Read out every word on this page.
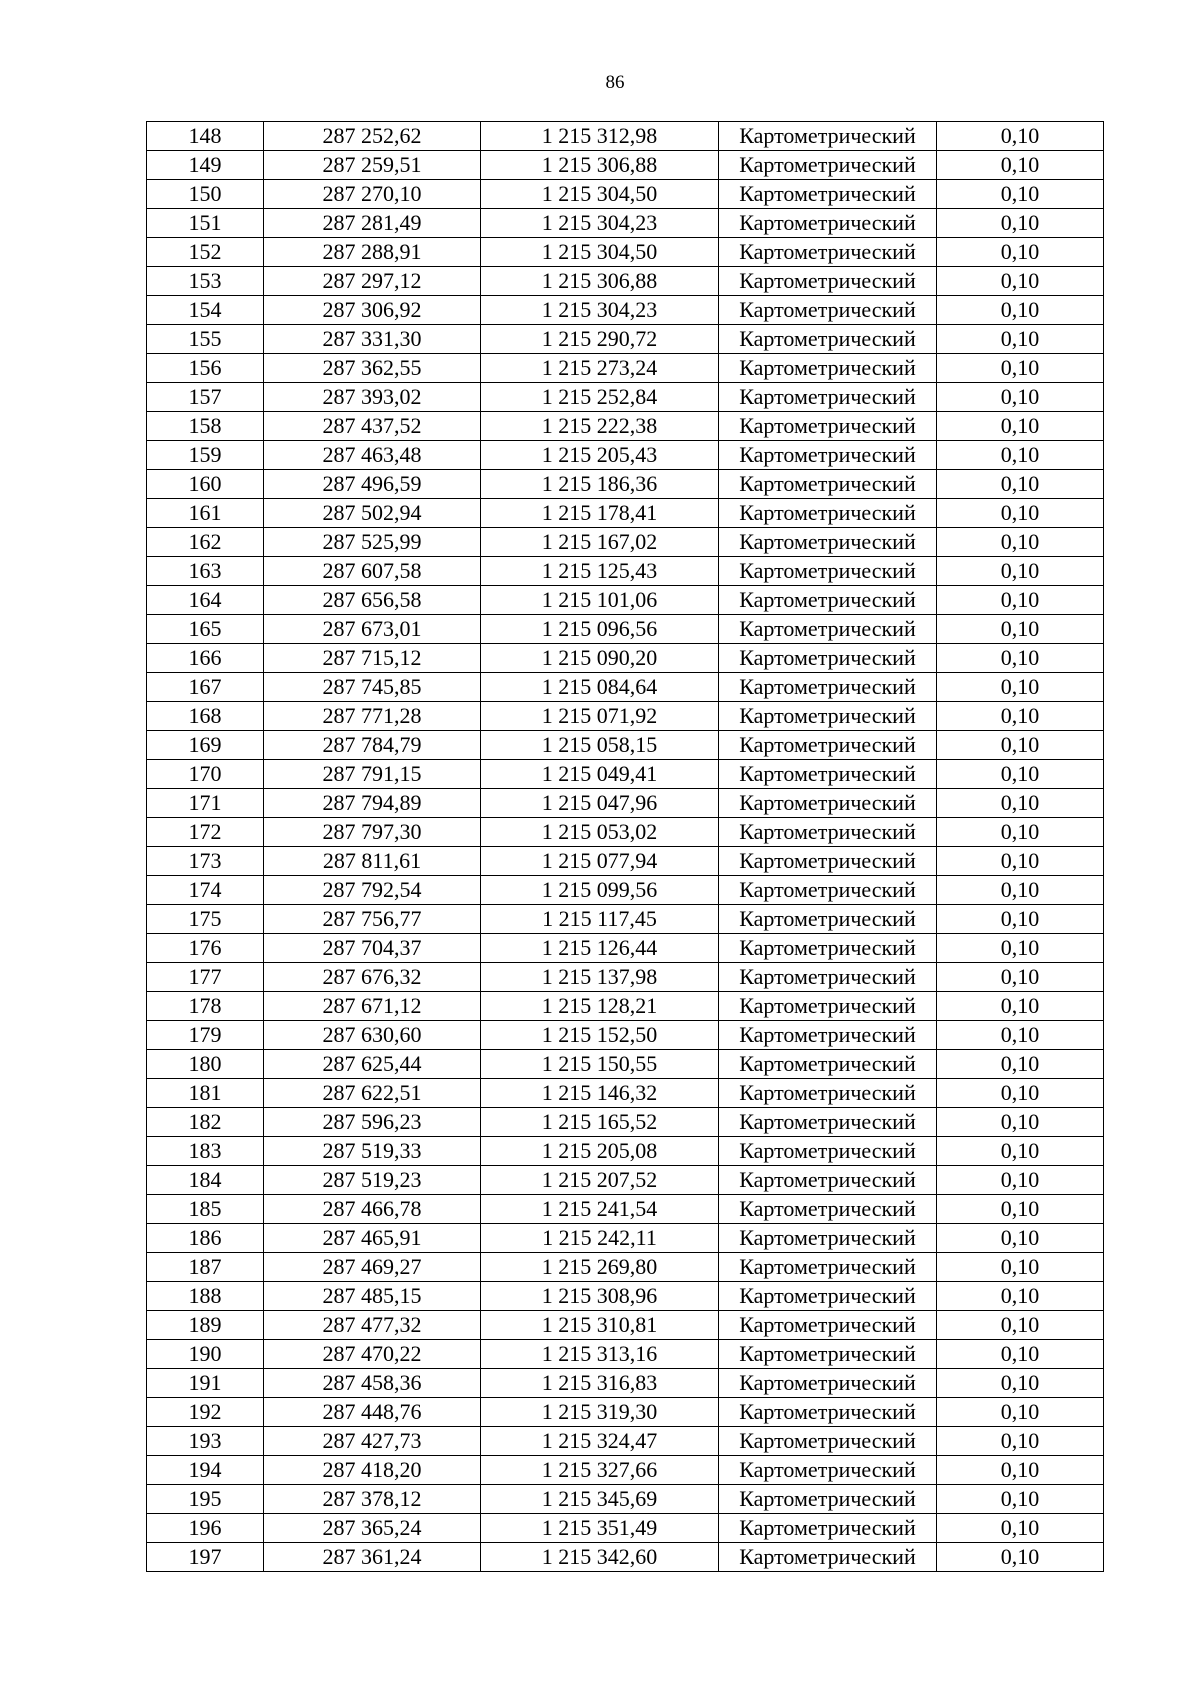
86
148	287 252,62	1 215 312,98	Картометрический	0,10
149	287 259,51	1 215 306,88	Картометрический	0,10
150	287 270,10	1 215 304,50	Картометрический	0,10
151	287 281,49	1 215 304,23	Картометрический	0,10
152	287 288,91	1 215 304,50	Картометрический	0,10
153	287 297,12	1 215 306,88	Картометрический	0,10
154	287 306,92	1 215 304,23	Картометрический	0,10
155	287 331,30	1 215 290,72	Картометрический	0,10
156	287 362,55	1 215 273,24	Картометрический	0,10
157	287 393,02	1 215 252,84	Картометрический	0,10
158	287 437,52	1 215 222,38	Картометрический	0,10
159	287 463,48	1 215 205,43	Картометрический	0,10
160	287 496,59	1 215 186,36	Картометрический	0,10
161	287 502,94	1 215 178,41	Картометрический	0,10
162	287 525,99	1 215 167,02	Картометрический	0,10
163	287 607,58	1 215 125,43	Картометрический	0,10
164	287 656,58	1 215 101,06	Картометрический	0,10
165	287 673,01	1 215 096,56	Картометрический	0,10
166	287 715,12	1 215 090,20	Картометрический	0,10
167	287 745,85	1 215 084,64	Картометрический	0,10
168	287 771,28	1 215 071,92	Картометрический	0,10
169	287 784,79	1 215 058,15	Картометрический	0,10
170	287 791,15	1 215 049,41	Картометрический	0,10
171	287 794,89	1 215 047,96	Картометрический	0,10
172	287 797,30	1 215 053,02	Картометрический	0,10
173	287 811,61	1 215 077,94	Картометрический	0,10
174	287 792,54	1 215 099,56	Картометрический	0,10
175	287 756,77	1 215 117,45	Картометрический	0,10
176	287 704,37	1 215 126,44	Картометрический	0,10
177	287 676,32	1 215 137,98	Картометрический	0,10
178	287 671,12	1 215 128,21	Картометрический	0,10
179	287 630,60	1 215 152,50	Картометрический	0,10
180	287 625,44	1 215 150,55	Картометрический	0,10
181	287 622,51	1 215 146,32	Картометрический	0,10
182	287 596,23	1 215 165,52	Картометрический	0,10
183	287 519,33	1 215 205,08	Картометрический	0,10
184	287 519,23	1 215 207,52	Картометрический	0,10
185	287 466,78	1 215 241,54	Картометрический	0,10
186	287 465,91	1 215 242,11	Картометрический	0,10
187	287 469,27	1 215 269,80	Картометрический	0,10
188	287 485,15	1 215 308,96	Картометрический	0,10
189	287 477,32	1 215 310,81	Картометрический	0,10
190	287 470,22	1 215 313,16	Картометрический	0,10
191	287 458,36	1 215 316,83	Картометрический	0,10
192	287 448,76	1 215 319,30	Картометрический	0,10
193	287 427,73	1 215 324,47	Картометрический	0,10
194	287 418,20	1 215 327,66	Картометрический	0,10
195	287 378,12	1 215 345,69	Картометрический	0,10
196	287 365,24	1 215 351,49	Картометрический	0,10
197	287 361,24	1 215 342,60	Картометрический	0,10
